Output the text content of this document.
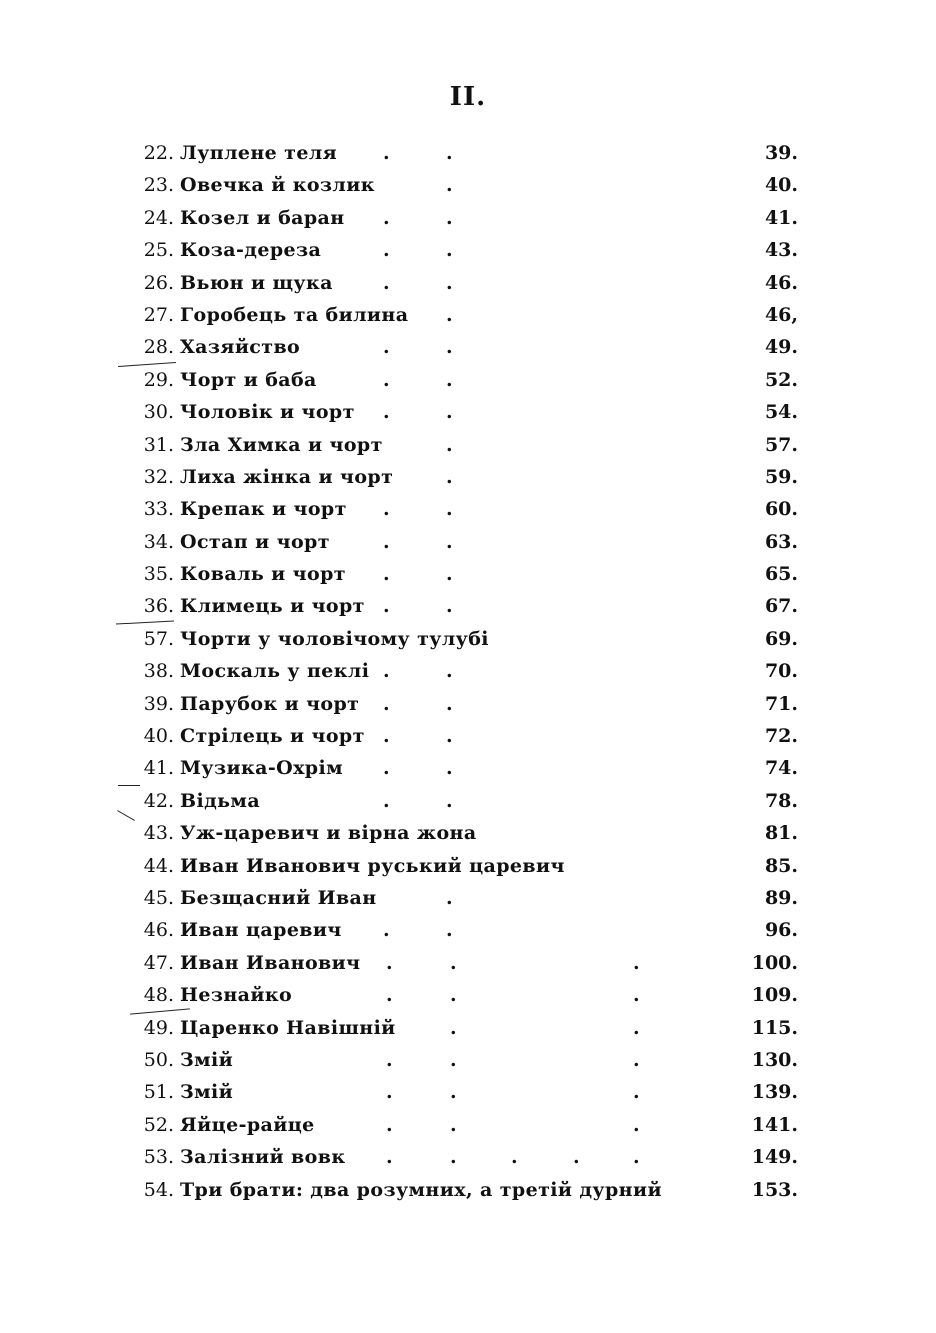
II.
22. Луплене теля .	.	39.
23. Овечка й козлик	.	40.
24. Козел и баран .	.	41.
25. Коза-дереза	.	.	43.
26. Вьюн и щука	.	.	46.
27. Горобець та билина .	46,
28. Хазяйство	.	.	49.
29. Чорт и баба	.	.	52.
30. Чоловік и чорт .	.	54.
31. Зла Химка и чорт	.	57.
32. Лиха жінка и чорт	.	59.
33. Крепак и чорт .	.	60.
34. Остап и чорт	.	.	63.
35. Коваль и чорт .	.	65.
36. Климець и чорт .	.	67.
57. Чорти у чоловічому тулубі	69.
38. Москаль у пеклі .	.	70.
39. Парубок и чорт .	.	71.
40. Стрілець и чорт .	.	72.
41. Музика-Охрім .	.	74.
42. Відьма	.	.	78.
43. Уж-царевич и вірна жона	81.
44. Иван Иванович руський царевич	85.
45. Безщасний Иван	.	89.
46. Иван царевич .	.	96.
47. Иван Иванович .	.	.	100.
48. Незнайко	.	.	.	109.
49. Царенко Навішній	.	.	115.
50. Змій	.	.	.	130.
51. Змій	.	.	.	139.
52. Яйце-райце	.	.	.	141.
53. Залізний вовк .	.	.	.	.	149.
54. Три брати: два розумних, а третій дурний	153.
